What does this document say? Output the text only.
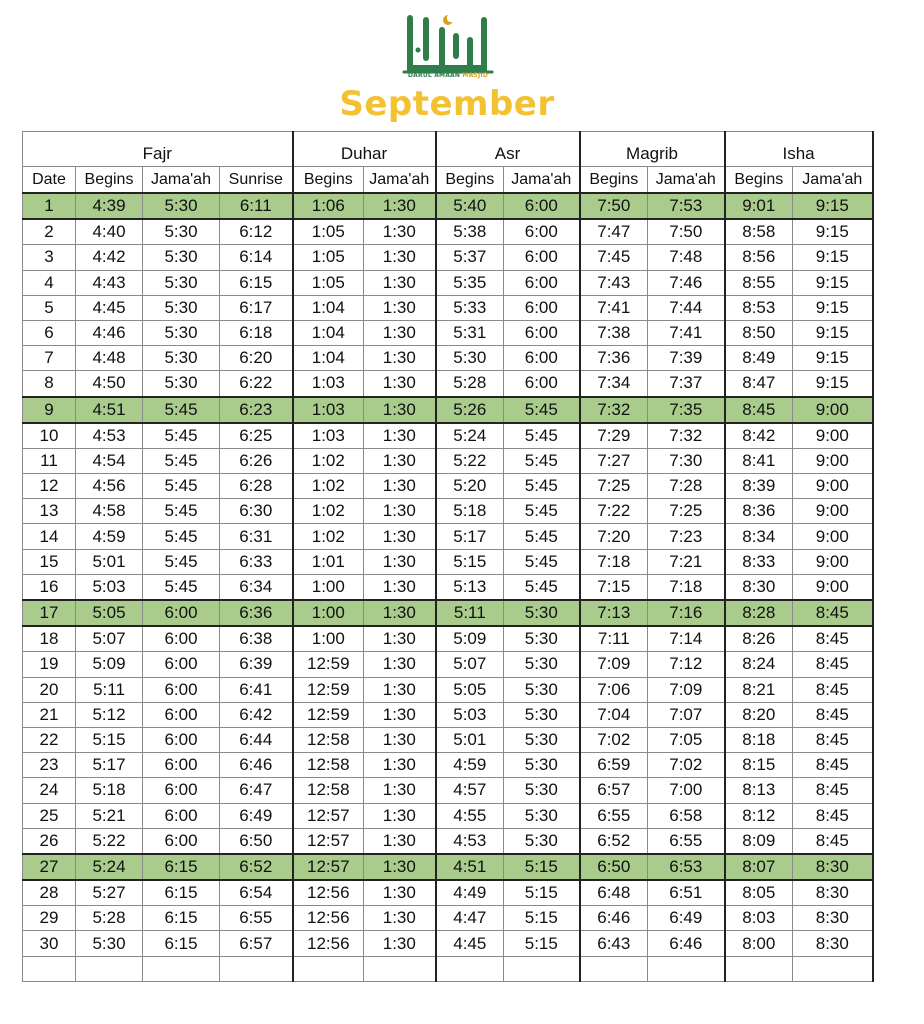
DARUL AMAAN MASJID
September
Fajr				Duhar		Asr		Magrib		Isha	
Date	Begins	Jama'ah	Sunrise	Begins	Jama'ah	Begins	Jama'ah	Begins	Jama'ah	Begins	Jama'ah
1	4:39	5:30	6:11	1:06	1:30	5:40	6:00	7:50	7:53	9:01	9:15
2	4:40	5:30	6:12	1:05	1:30	5:38	6:00	7:47	7:50	8:58	9:15
3	4:42	5:30	6:14	1:05	1:30	5:37	6:00	7:45	7:48	8:56	9:15
4	4:43	5:30	6:15	1:05	1:30	5:35	6:00	7:43	7:46	8:55	9:15
5	4:45	5:30	6:17	1:04	1:30	5:33	6:00	7:41	7:44	8:53	9:15
6	4:46	5:30	6:18	1:04	1:30	5:31	6:00	7:38	7:41	8:50	9:15
7	4:48	5:30	6:20	1:04	1:30	5:30	6:00	7:36	7:39	8:49	9:15
8	4:50	5:30	6:22	1:03	1:30	5:28	6:00	7:34	7:37	8:47	9:15
9	4:51	5:45	6:23	1:03	1:30	5:26	5:45	7:32	7:35	8:45	9:00
10	4:53	5:45	6:25	1:03	1:30	5:24	5:45	7:29	7:32	8:42	9:00
11	4:54	5:45	6:26	1:02	1:30	5:22	5:45	7:27	7:30	8:41	9:00
12	4:56	5:45	6:28	1:02	1:30	5:20	5:45	7:25	7:28	8:39	9:00
13	4:58	5:45	6:30	1:02	1:30	5:18	5:45	7:22	7:25	8:36	9:00
14	4:59	5:45	6:31	1:02	1:30	5:17	5:45	7:20	7:23	8:34	9:00
15	5:01	5:45	6:33	1:01	1:30	5:15	5:45	7:18	7:21	8:33	9:00
16	5:03	5:45	6:34	1:00	1:30	5:13	5:45	7:15	7:18	8:30	9:00
17	5:05	6:00	6:36	1:00	1:30	5:11	5:30	7:13	7:16	8:28	8:45
18	5:07	6:00	6:38	1:00	1:30	5:09	5:30	7:11	7:14	8:26	8:45
19	5:09	6:00	6:39	12:59	1:30	5:07	5:30	7:09	7:12	8:24	8:45
20	5:11	6:00	6:41	12:59	1:30	5:05	5:30	7:06	7:09	8:21	8:45
21	5:12	6:00	6:42	12:59	1:30	5:03	5:30	7:04	7:07	8:20	8:45
22	5:15	6:00	6:44	12:58	1:30	5:01	5:30	7:02	7:05	8:18	8:45
23	5:17	6:00	6:46	12:58	1:30	4:59	5:30	6:59	7:02	8:15	8:45
24	5:18	6:00	6:47	12:58	1:30	4:57	5:30	6:57	7:00	8:13	8:45
25	5:21	6:00	6:49	12:57	1:30	4:55	5:30	6:55	6:58	8:12	8:45
26	5:22	6:00	6:50	12:57	1:30	4:53	5:30	6:52	6:55	8:09	8:45
27	5:24	6:15	6:52	12:57	1:30	4:51	5:15	6:50	6:53	8:07	8:30
28	5:27	6:15	6:54	12:56	1:30	4:49	5:15	6:48	6:51	8:05	8:30
29	5:28	6:15	6:55	12:56	1:30	4:47	5:15	6:46	6:49	8:03	8:30
30	5:30	6:15	6:57	12:56	1:30	4:45	5:15	6:43	6:46	8:00	8:30
